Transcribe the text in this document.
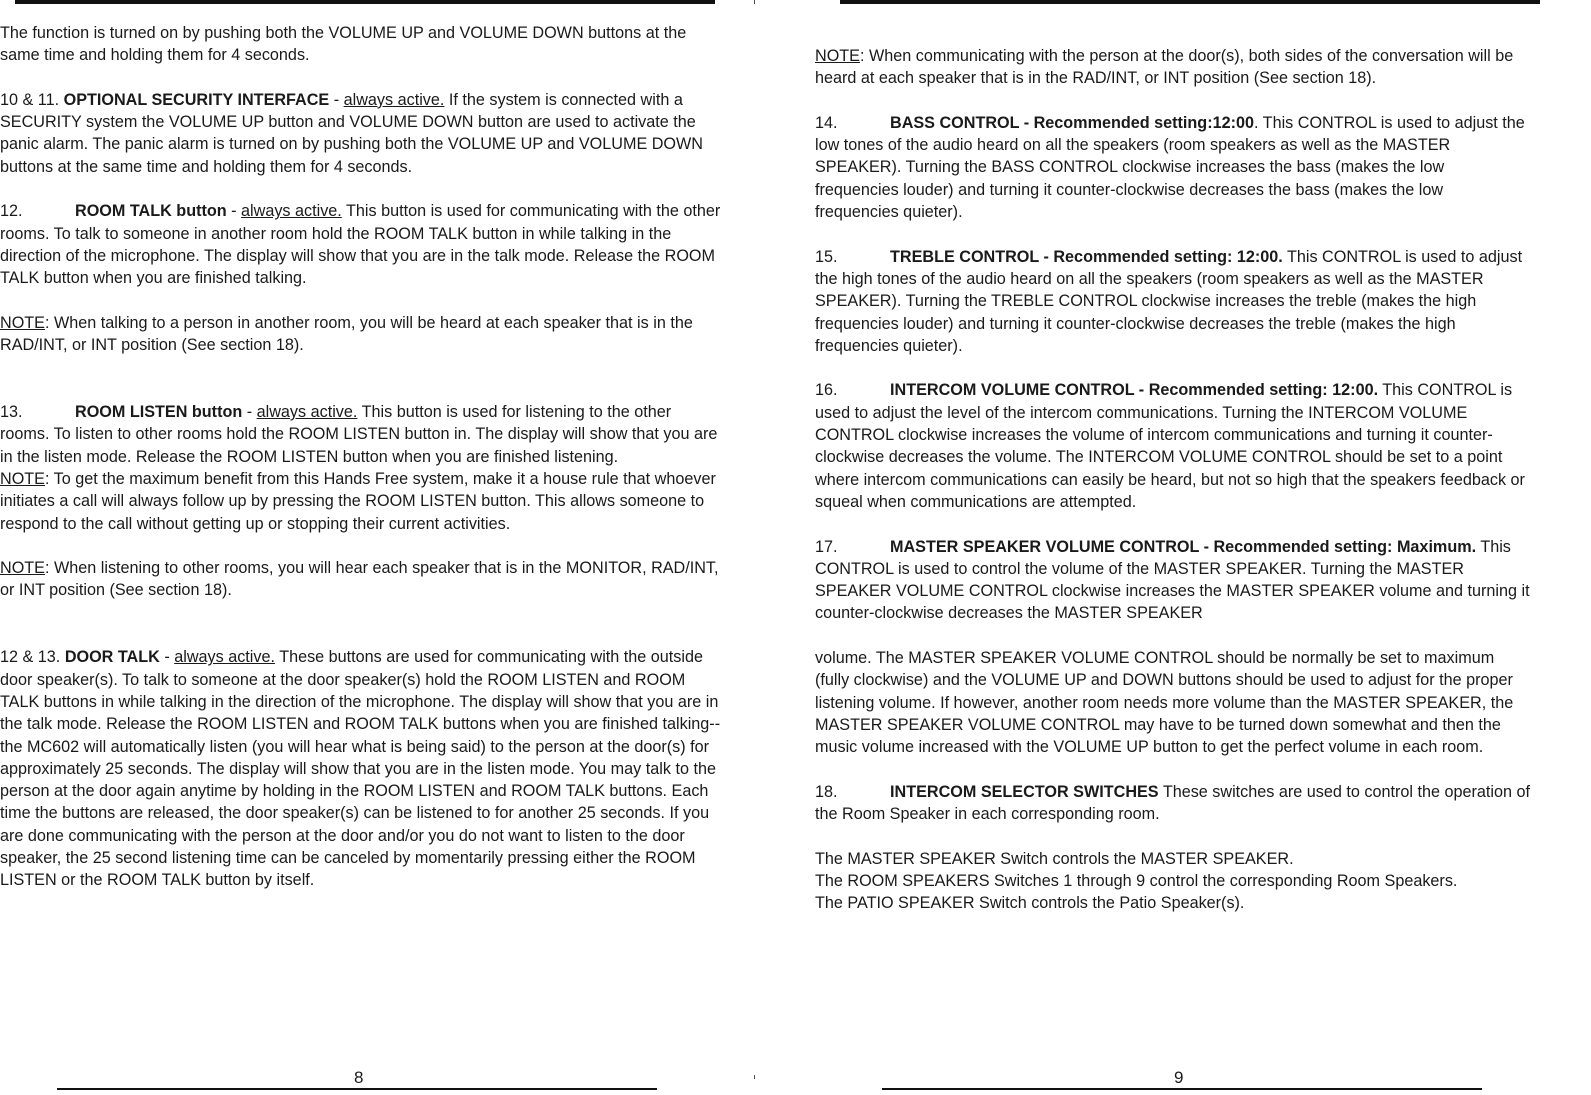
The function is turned on by pushing both the VOLUME UP and VOLUME DOWN buttons at the same time and holding them for 4 seconds.

10 & 11. OPTIONAL SECURITY INTERFACE - always active. If the system is connected with a SECURITY system the VOLUME UP button and VOLUME DOWN button are used to activate the panic alarm. The panic alarm is turned on by pushing both the VOLUME UP and VOLUME DOWN buttons at the same time and holding them for 4 seconds.

12.	ROOM TALK button - always active. This button is used for communicating with the other rooms. To talk to someone in another room hold the ROOM TALK button in while talking in the direction of the microphone. The display will show that you are in the talk mode. Release the ROOM TALK button when you are finished talking.

NOTE: When talking to a person in another room, you will be heard at each speaker that is in the RAD/INT, or INT position (See section 18).

13.	ROOM LISTEN button - always active. This button is used for listening to the other rooms. To listen to other rooms hold the ROOM LISTEN button in. The display will show that you are in the listen mode. Release the ROOM LISTEN button when you are finished listening.

NOTE: To get the maximum benefit from this Hands Free system, make it a house rule that whoever initiates a call will always follow up by pressing the ROOM LISTEN button. This allows someone to respond to the call without getting up or stopping their current activities.

NOTE: When listening to other rooms, you will hear each speaker that is in the MONITOR, RAD/INT, or INT position (See section 18).

12 & 13. DOOR TALK - always active. These buttons are used for communicating with the outside door speaker(s). To talk to someone at the door speaker(s) hold the ROOM LISTEN and ROOM TALK buttons in while talking in the direction of the microphone. The display will show that you are in the talk mode. Release the ROOM LISTEN and ROOM TALK buttons when you are finished talking--the MC602 will automatically listen (you will hear what is being said) to the person at the door(s) for approximately 25 seconds. The display will show that you are in the listen mode. You may talk to the person at the door again anytime by holding in the ROOM LISTEN and ROOM TALK buttons. Each time the buttons are released, the door speaker(s) can be listened to for another 25 seconds. If you are done communicating with the person at the door and/or you do not want to listen to the door speaker, the 25 second listening time can be canceled by momentarily pressing either the ROOM LISTEN or the ROOM TALK button by itself.

8

NOTE: When communicating with the person at the door(s), both sides of the conversation will be heard at each speaker that is in the RAD/INT, or INT position (See section 18).

14.	BASS CONTROL - Recommended setting:12:00. This CONTROL is used to adjust the low tones of the audio heard on all the speakers (room speakers as well as the MASTER SPEAKER). Turning the BASS CONTROL clockwise increases the bass (makes the low frequencies louder) and turning it counter-clockwise decreases the bass (makes the low frequencies quieter).

15.	TREBLE CONTROL - Recommended setting: 12:00. This CONTROL is used to adjust the high tones of the audio heard on all the speakers (room speakers as well as the MASTER SPEAKER). Turning the TREBLE CONTROL clockwise increases the treble (makes the high frequencies louder) and turning it counter-clockwise decreases the treble (makes the high frequencies quieter).

16.	INTERCOM VOLUME CONTROL - Recommended setting: 12:00. This CONTROL is used to adjust the level of the intercom communications. Turning the INTERCOM VOLUME CONTROL clockwise increases the volume of intercom communications and turning it counter-clockwise decreases the volume. The INTERCOM VOLUME CONTROL should be set to a point where intercom communications can easily be heard, but not so high that the speakers feedback or squeal when communications are attempted.

17.	MASTER SPEAKER VOLUME CONTROL - Recommended setting: Maximum. This CONTROL is used to control the volume of the MASTER SPEAKER. Turning the MASTER SPEAKER VOLUME CONTROL clockwise increases the MASTER SPEAKER volume and turning it counter-clockwise decreases the MASTER SPEAKER

volume. The MASTER SPEAKER VOLUME CONTROL should be normally be set to maximum (fully clockwise) and the VOLUME UP and DOWN buttons should be used to adjust for the proper listening volume. If however, another room needs more volume than the MASTER SPEAKER, the MASTER SPEAKER VOLUME CONTROL may have to be turned down somewhat and then the music volume increased with the VOLUME UP button to get the perfect volume in each room.

18.	INTERCOM SELECTOR SWITCHES These switches are used to control the operation of the Room Speaker in each corresponding room.

The MASTER SPEAKER Switch controls the MASTER SPEAKER.
The ROOM SPEAKERS Switches 1 through 9 control the corresponding Room Speakers.
The PATIO SPEAKER Switch controls the Patio Speaker(s).
9
